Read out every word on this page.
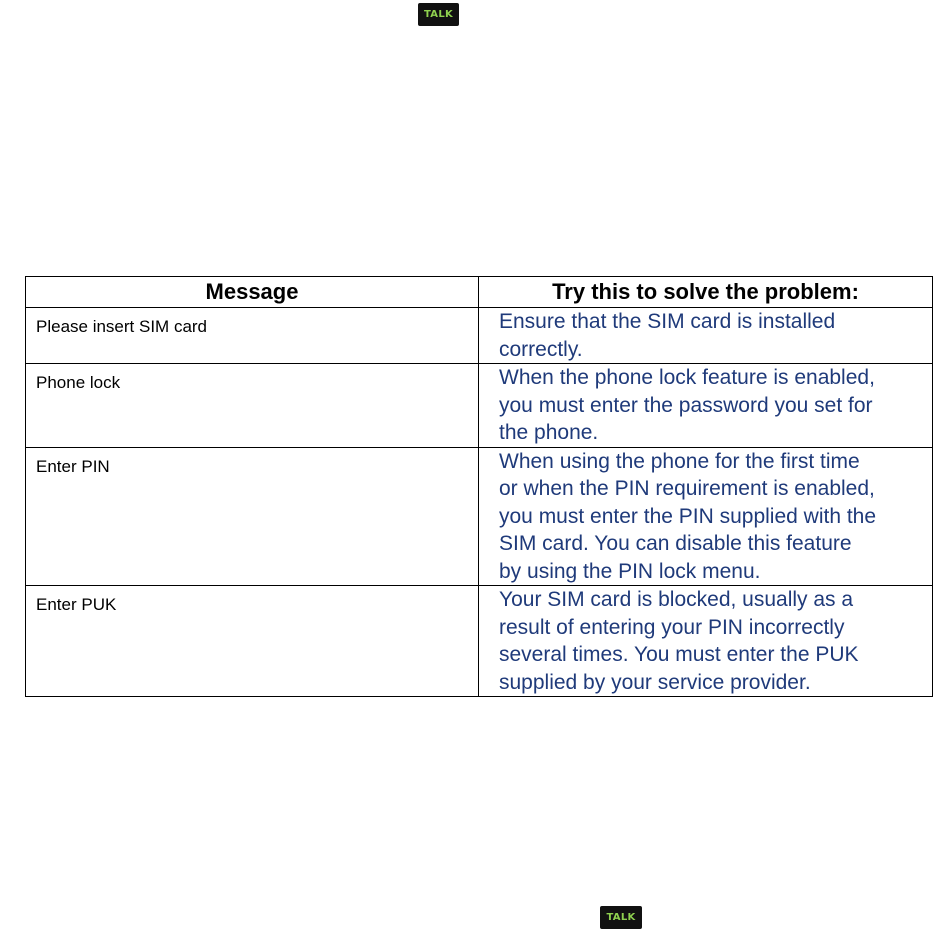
TALK
Message	Try this to solve the problem:
Please insert SIM card	Ensure that the SIM card is installed
correctly.
Phone lock	When the phone lock feature is enabled,
you must enter the password you set for
the phone.
Enter PIN	When using the phone for the first time
or when the PIN requirement is enabled,
you must enter the PIN supplied with the
SIM card. You can disable this feature
by using the PIN lock menu.
Enter PUK	Your SIM card is blocked, usually as a
result of entering your PIN incorrectly
several times. You must enter the PUK
supplied by your service provider.
TALK
